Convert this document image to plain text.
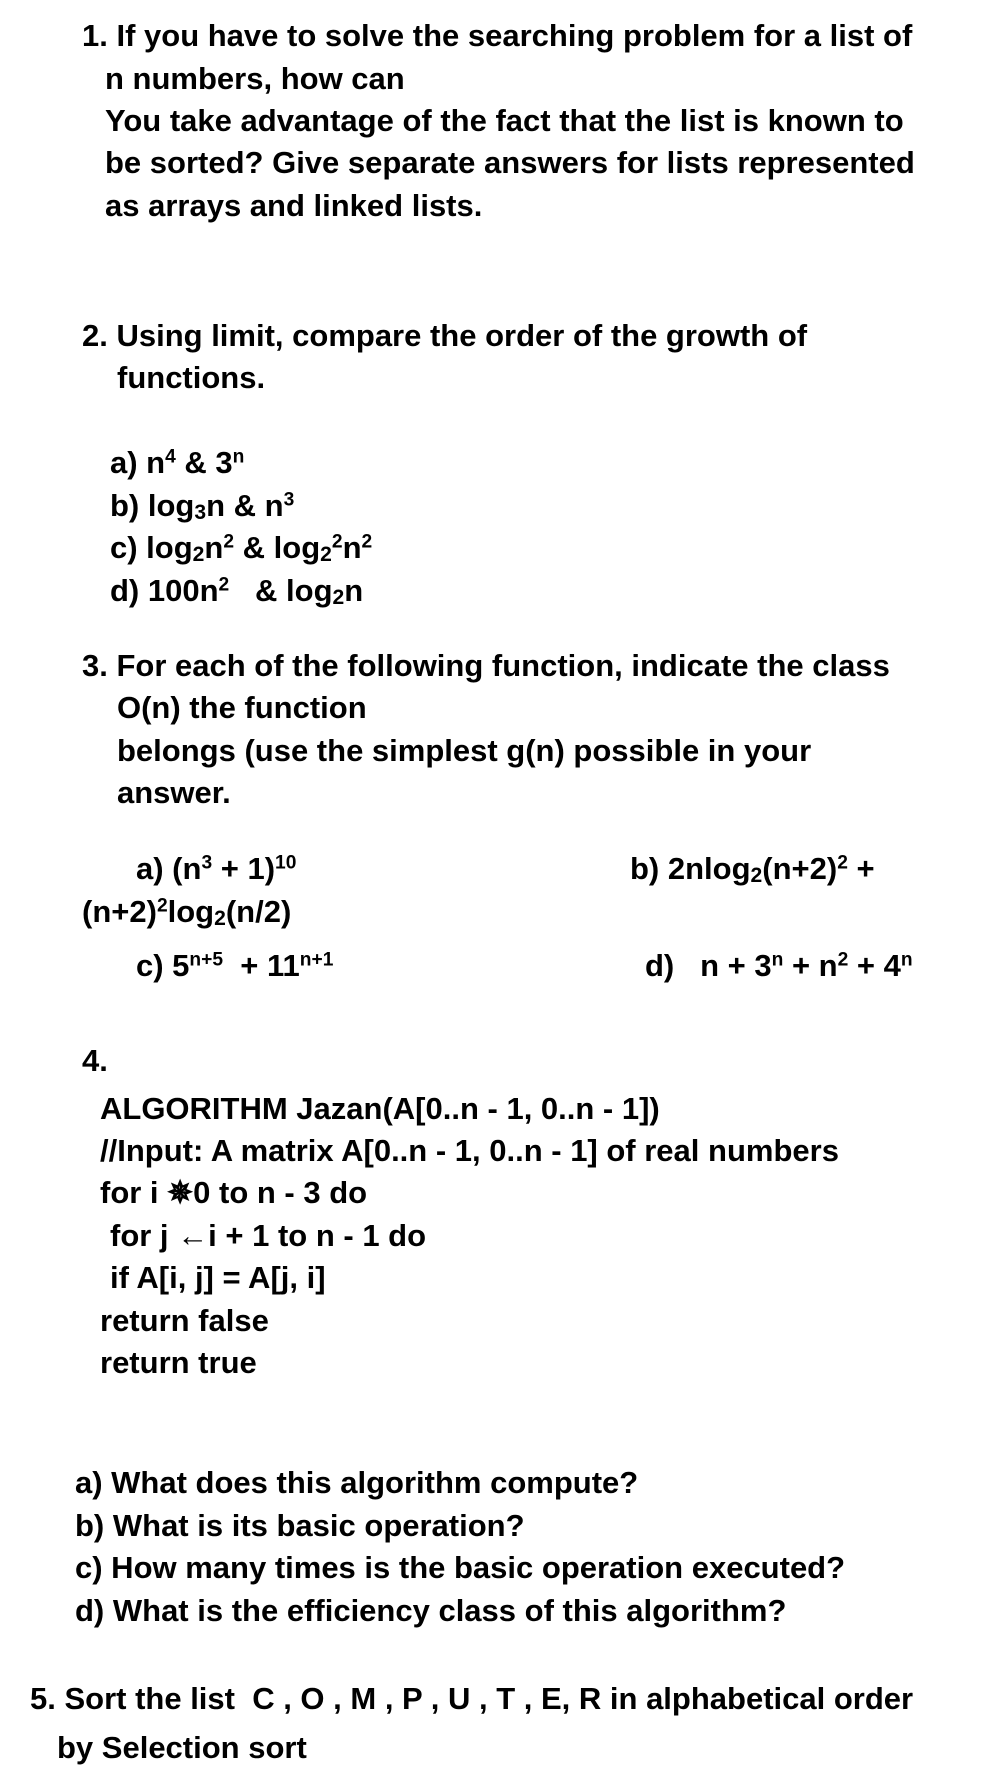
1. If you have to solve the searching problem for a list of
n numbers, how can
You take advantage of the fact that the list is known to
be sorted? Give separate answers for lists represented
as arrays and linked lists.
2. Using limit, compare the order of the growth of
functions.
a) $n^4$ & 3$^n$
b) $\log_3n$ & $n^3$
c) $\log_2n^2$ & $\log_2^2n^2$
d) $100n^2$   & $\log_2n$
3. For each of the following function, indicate the class
O(n) the function
belongs (use the simplest g(n) possible in your
answer.
a) $(n^3 + 1)^{10}$	b) $2nlog_2(n+2)^2$ +
$(n+2)^2\log_2(n/2)$
c) $5^{n+5} + 11^{n+1}$	d)   $n + 3^n + n^2 + 4^n$
4.
ALGORITHM Jazan(A[0..n - 1, 0..n - 1])
//Input: A matrix A[0..n - 1, 0..n - 1] of real numbers
for i ✵0 to n - 3 do
for j ←i + 1 to n - 1 do
if A[i, j] = A[j, i]
return false
return true
a) What does this algorithm compute?
b) What is its basic operation?
c) How many times is the basic operation executed?
d) What is the efficiency class of this algorithm?
5. Sort the list  C , O , M , P , U , T , E, R in alphabetical order
by Selection sort
